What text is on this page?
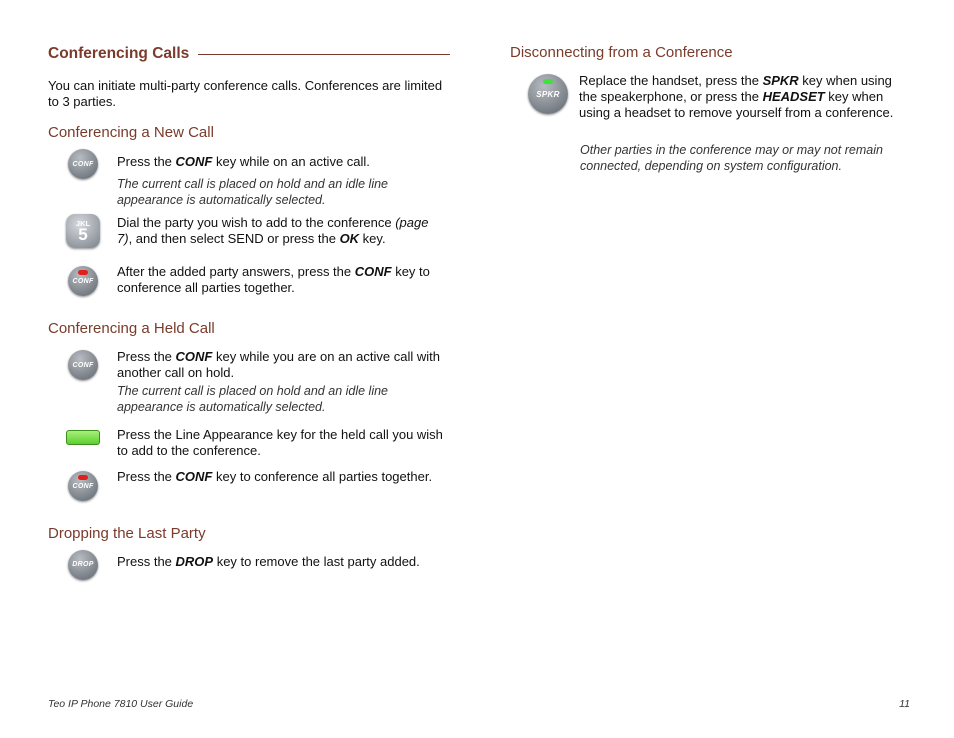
Conferencing Calls
You can initiate multi-party conference calls. Conferences are limited to 3 parties.
Conferencing a New Call
CONF	Press the CONF key while on an active call.
The current call is placed on hold and an idle line appearance is automatically selected.
JKL
5
Dial the party you wish to add to the conference (page 7), and then select SEND or press the OK key.
CONF
After the added party answers, press the CONF key to conference all parties together.
Conferencing a Held Call
CONF
Press the CONF key while you are on an active call with another call on hold.
The current call is placed on hold and an idle line appearance is automatically selected.
Press the Line Appearance key for the held call you wish to add to the conference.
CONF
Press the CONF key to conference all parties together.
Dropping the Last Party
DROP	Press the DROP key to remove the last party added.
Disconnecting from a Conference
SPKR
Replace the handset, press the SPKR key when using the speakerphone, or press the HEADSET key when using a headset to remove yourself from a conference.
Other parties in the conference may or may not remain connected, depending on system configuration.
Teo IP Phone 7810 User Guide	11
